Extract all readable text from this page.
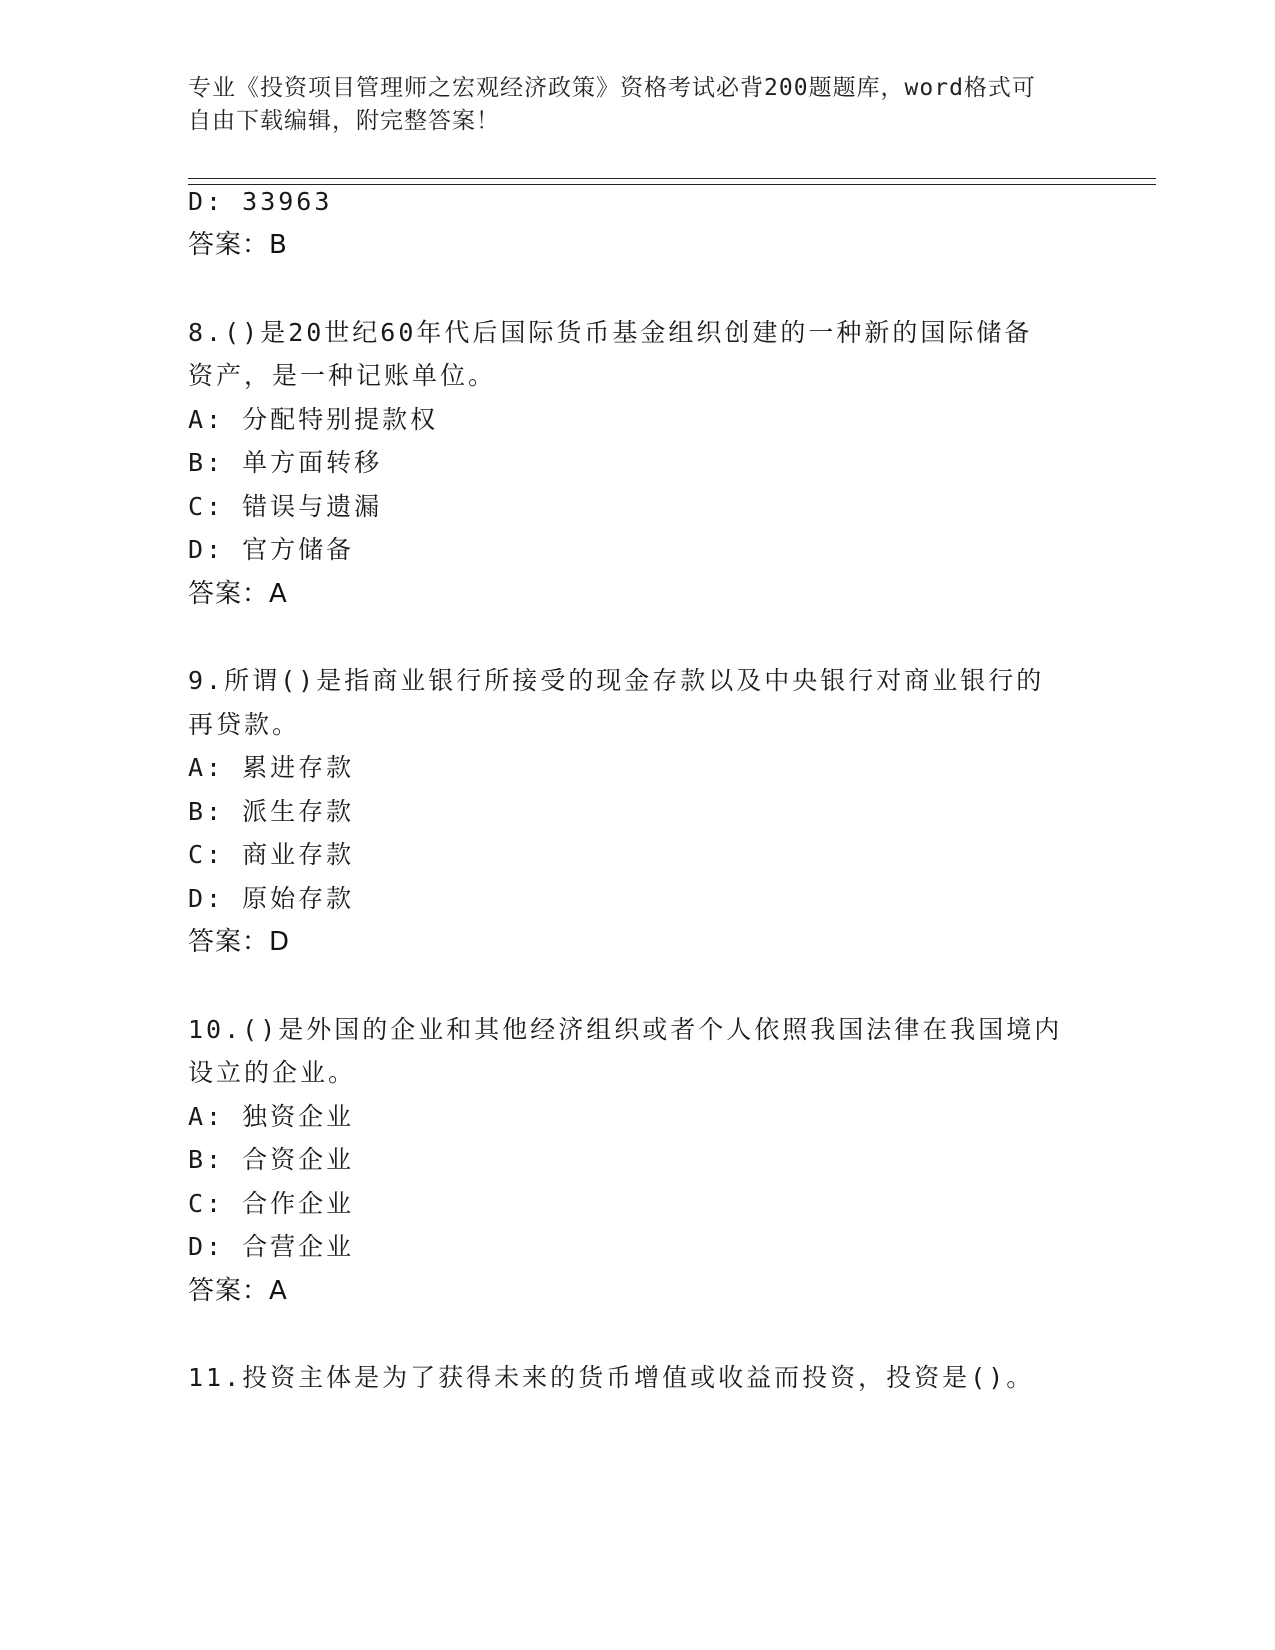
专业《投资项目管理师之宏观经济政策》资格考试必背200题题库，word格式可
自由下载编辑，附完整答案！
D: 33963
答案：B
8.()是20世纪60年代后国际货币基金组织创建的一种新的国际储备
资产，是一种记账单位。
A: 分配特别提款权
B: 单方面转移
C: 错误与遗漏
D: 官方储备
答案：A
9.所谓()是指商业银行所接受的现金存款以及中央银行对商业银行的
再贷款。
A: 累进存款
B: 派生存款
C: 商业存款
D: 原始存款
答案：D
10.()是外国的企业和其他经济组织或者个人依照我国法律在我国境内
设立的企业。
A: 独资企业
B: 合资企业
C: 合作企业
D: 合营企业
答案：A
11.投资主体是为了获得未来的货币增值或收益而投资，投资是()。
